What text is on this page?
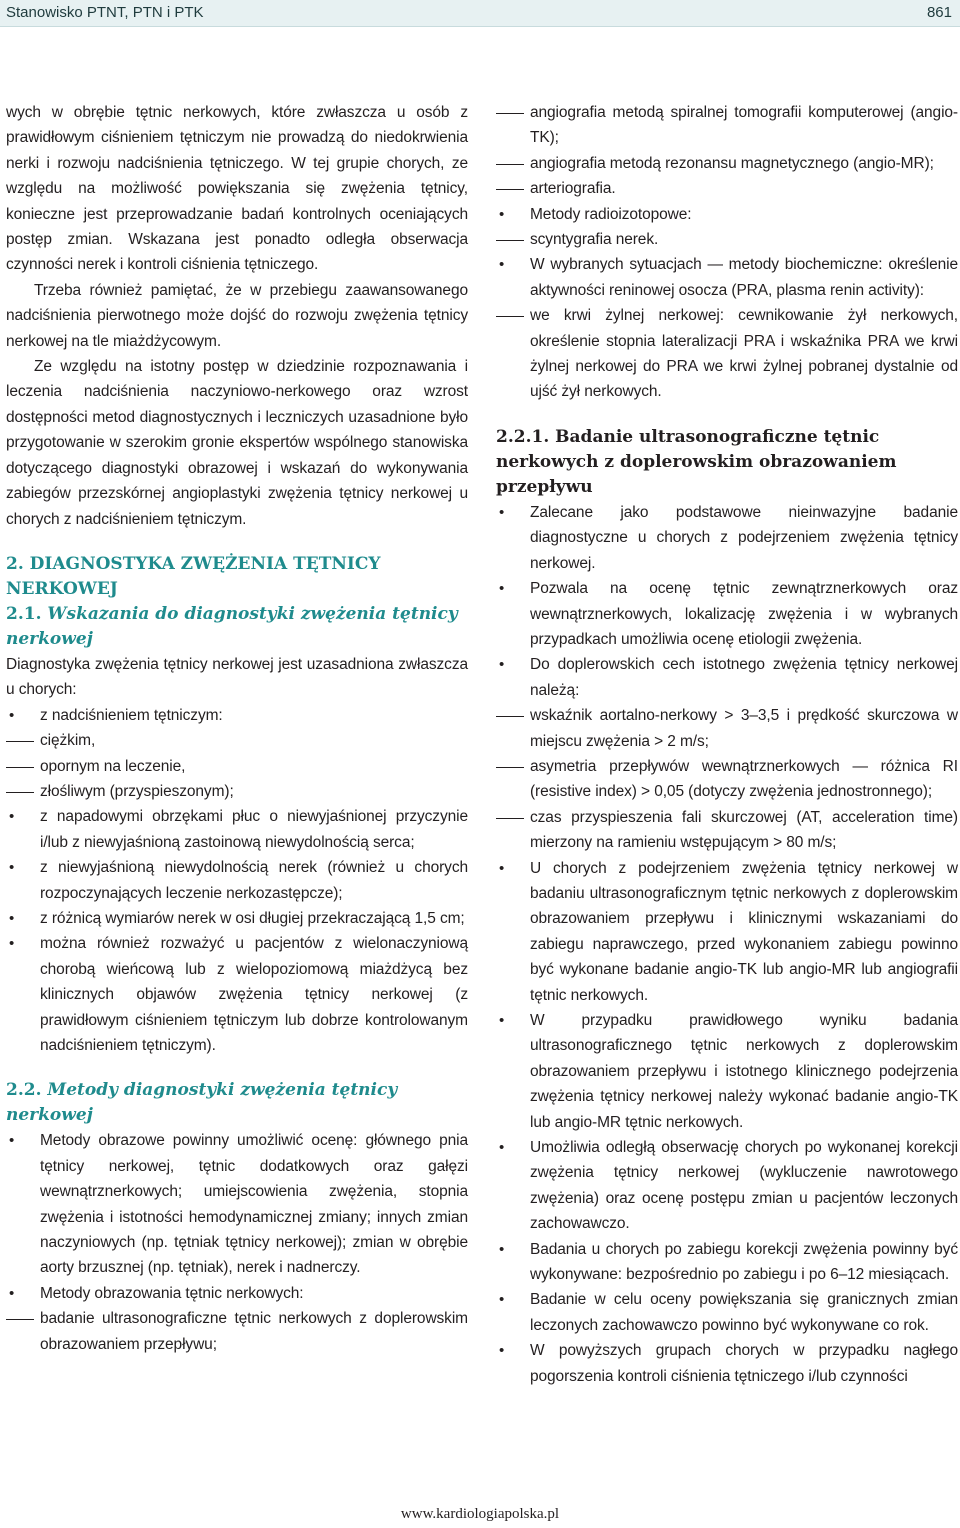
Stanowisko PTNT, PTN i PTK	861

wych w obrębie tętnic nerkowych, które zwłaszcza u osób z prawidłowym ciśnieniem tętniczym nie prowadzą do niedokrwienia nerki i rozwoju nadciśnienia tętniczego. W tej grupie chorych, ze względu na możliwość powiększania się zwężenia tętnicy, konieczne jest przeprowadzanie badań kontrolnych oceniających postęp zmian. Wskazana jest ponadto odległa obserwacja czynności nerek i kontroli ciśnienia tętniczego.

Trzeba również pamiętać, że w przebiegu zaawansowanego nadciśnienia pierwotnego może dojść do rozwoju zwężenia tętnicy nerkowej na tle miażdżycowym.

Ze względu na istotny postęp w dziedzinie rozpoznawania i leczenia nadciśnienia naczyniowo-nerkowego oraz wzrost dostępności metod diagnostycznych i leczniczych uzasadnione było przygotowanie w szerokim gronie ekspertów wspólnego stanowiska dotyczącego diagnostyki obrazowej i wskazań do wykonywania zabiegów przezskórnej angioplastyki zwężenia tętnicy nerkowej u chorych z nadciśnieniem tętniczym.

2. DIAGNOSTYKA ZWĘŻENIA TĘTNICY NERKOWEJ
2.1. Wskazania do diagnostyki zwężenia tętnicy nerkowej

Diagnostyka zwężenia tętnicy nerkowej jest uzasadniona zwłaszcza u chorych:

• z nadciśnieniem tętniczym:
ciężkim,
opornym na leczenie,
złośliwym (przyspieszonym);
• z napadowymi obrzękami płuc o niewyjaśnionej przyczynie i/lub z niewyjaśnioną zastoinową niewydolnością serca;
• z niewyjaśnioną niewydolnością nerek (również u chorych rozpoczynających leczenie nerkozastępcze);
• z różnicą wymiarów nerek w osi długiej przekraczającą 1,5 cm;
• można również rozważyć u pacjentów z wielonaczyniową chorobą wieńcową lub z wielopoziomową miażdżycą bez klinicznych objawów zwężenia tętnicy nerkowej (z prawidłowym ciśnieniem tętniczym lub dobrze kontrolowanym nadciśnieniem tętniczym).
2.2. Metody diagnostyki zwężenia tętnicy nerkowej
• Metody obrazowe powinny umożliwić ocenę: głównego pnia tętnicy nerkowej, tętnic dodatkowych oraz gałęzi wewnątrznerkowych; umiejscowienia zwężenia, stopnia zwężenia i istotności hemodynamicznej zmiany; innych zmian naczyniowych (np. tętniak tętnicy nerkowej); zmian w obrębie aorty brzusznej (np. tętniak), nerek i nadnerczy.
• Metody obrazowania tętnic nerkowych:
badanie ultrasonograficzne tętnic nerkowych z doplerowskim obrazowaniem przepływu;
angiografia metodą spiralnej tomografii komputerowej (angio-TK);
angiografia metodą rezonansu magnetycznego (angio-MR);
arteriografia.
• Metody radioizotopowe:
scyntygrafia nerek.
• W wybranych sytuacjach — metody biochemiczne: określenie aktywności reninowej osocza (PRA, plasma renin activity):
we krwi żylnej nerkowej: cewnikowanie żył nerkowych, określenie stopnia lateralizacji PRA i wskaźnika PRA we krwi żylnej nerkowej do PRA we krwi żylnej pobranej dystalnie od ujść żył nerkowych.
2.2.1. Badanie ultrasonograficzne tętnic nerkowych z doplerowskim obrazowaniem przepływu
• Zalecane jako podstawowe nieinwazyjne badanie diagnostyczne u chorych z podejrzeniem zwężenia tętnicy nerkowej.
• Pozwala na ocenę tętnic zewnątrznerkowych oraz wewnątrznerkowych, lokalizację zwężenia i w wybranych przypadkach umożliwia ocenę etiologii zwężenia.
• Do doplerowskich cech istotnego zwężenia tętnicy nerkowej należą:
wskaźnik aortalno-nerkowy > 3–3,5 i prędkość skurczowa w miejscu zwężenia > 2 m/s;
asymetria przepływów wewnątrznerkowych — różnica RI (resistive index) > 0,05 (dotyczy zwężenia jednostronnego);
czas przyspieszenia fali skurczowej (AT, acceleration time) mierzony na ramieniu wstępującym > 80 m/s;
• U chorych z podejrzeniem zwężenia tętnicy nerkowej w badaniu ultrasonograficznym tętnic nerkowych z doplerowskim obrazowaniem przepływu i klinicznymi wskazaniami do zabiegu naprawczego, przed wykonaniem zabiegu powinno być wykonane badanie angio-TK lub angio-MR lub angiografii tętnic nerkowych.
• W przypadku prawidłowego wyniku badania ultrasonograficznego tętnic nerkowych z doplerowskim obrazowaniem przepływu i istotnego klinicznego podejrzenia zwężenia tętnicy nerkowej należy wykonać badanie angio-TK lub angio-MR tętnic nerkowych.
• Umożliwia odległą obserwację chorych po wykonanej korekcji zwężenia tętnicy nerkowej (wykluczenie nawrotowego zwężenia) oraz ocenę postępu zmian u pacjentów leczonych zachowawczo.
• Badania u chorych po zabiegu korekcji zwężenia powinny być wykonywane: bezpośrednio po zabiegu i po 6–12 miesiącach.
• Badanie w celu oceny powiększania się granicznych zmian leczonych zachowawczo powinno być wykonywane co rok.
• W powyższych grupach chorych w przypadku nagłego pogorszenia kontroli ciśnienia tętniczego i/lub czynności
www.kardiologiapolska.pl
